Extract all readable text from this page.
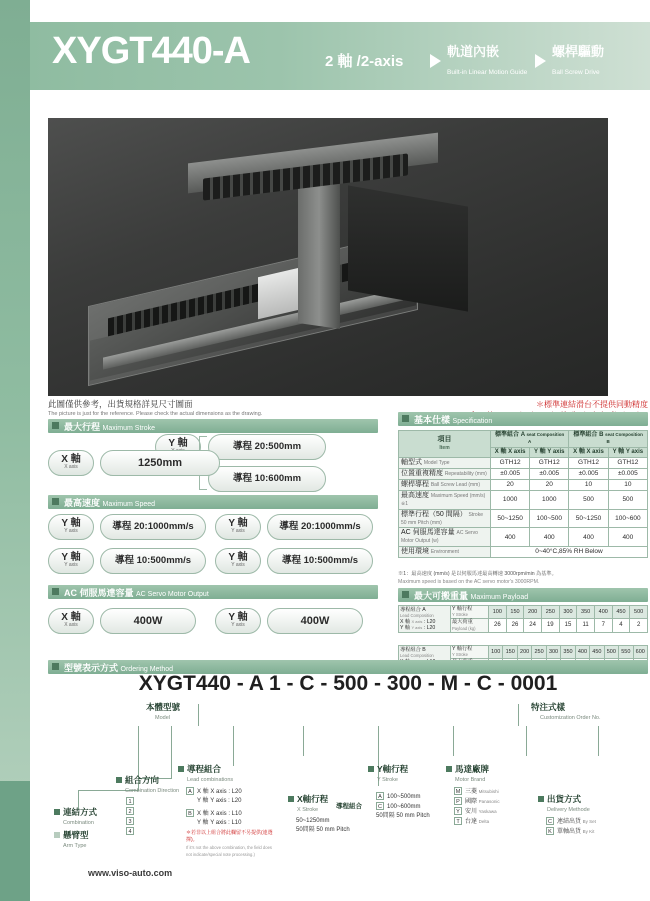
XYGT440-A	2 軸 /2-axis
軌道內嵌
Built-in Linear Motion Guide
螺桿驅動
Ball Screw Drive
此圖僅供參考，出貨規格詳見尺寸圖面
The picture is just for the reference. Please check the actual dimensions as the drawing.
＊標準連結滑台不提供同動精度
最大行程 Maximum Stroke
Y 軸	導程 20:500mm
導程 10:600mm
X 軸
X axis	1250mm
最高速度 Maximum Speed
Y 軸
Y axis	導程 20:1000mm/s	Y 軸
Y axis	導程 20:1000mm/s
Y 軸
Y axis	導程 10:500mm/s	Y 軸
Y axis	導程 10:500mm/s
AC 伺服馬達容量 AC Servo Motor Output
X 軸
X axis	400W	Y 軸
Y axis	400W
基本仕樣 Specification
項目
Item	標準組合 A seat Composition A		標準組合 B seat Composition B	
	X 軸 X axis	Y 軸 Y axis	X 軸 X axis	Y 軸 Y axis
軸型式 Model Type	GTH12	GTH12	GTH12	GTH12
位置重複精度 Repeatability (mm)	±0.005	±0.005	±0.005	±0.005
螺桿導程 Ball Screw Lead (mm)	20	20	10	10
最高速度 Maximum Speed (mm/s) ※1	1000	1000	500	500
標準行程（50 間隔） Stroke 50 mm Pitch (mm)	50~1250	100~500	50~1250	100~600
AC 伺服馬達容量 AC Servo Motor Output (w)	400	400	400	400
使用環境 Environment	0~40°C,85% RH Below			
※1：最高速度 (mm/s) 是以伺服馬達最高轉速 3000rpm/min 為基準。
Maximum speed is based on the AC servo motor's 3000RPM.
最大可搬重量 Maximum Payload
導程組合 A
Lead Composition
X 軸 X axis : L20
Y 軸 Y axis : L20	Y 軸行程
Y Stroke	100	150	200	250	300	350	400	450	500
	最大荷重
Payload (kg)	26	26	24	19	15	11	7	4	2
導程組合 B
Lead Composition	Y 軸行程
Y Stroke	100	150	200	250	300	350	400	450	500	550	600

型號表示方式 Ordering Method
XYGT440 - A 1 - C - 500 - 300 - M - C - 0001
本體型號
Model
特注式樣
Customization Order No.
連結方式
Combination
懸臂型
Arm Type
組合方向
Combination Direction
1
2
3
4
導程組合
Lead combinations
A X 軸 X axis : L20
Y 軸 Y axis : L20
B X 軸 X axis : L10
Y 軸 Y axis : L10
＊若非以上組合將此欄留不另提供(連選擇)。
If it's not the above combination, the field does not indicate/special note processing.)
X軸行程
X Stroke
50~1250mm
50間隔 50 mm Pitch
Y軸行程
Y Stroke
導程組合
A 100~500mm
C 100~600mm
50間隔 50 mm Pitch
馬達廠牌
Motor Brand
M 三菱 Mitsubishi
P 國際 Panasonic
Y 安川 Yaskawa
T 台達 Delta
出貨方式
Delivery Methode
C 連結出貨 By Set
K 單軸出貨 By Kit
www.viso-auto.com
